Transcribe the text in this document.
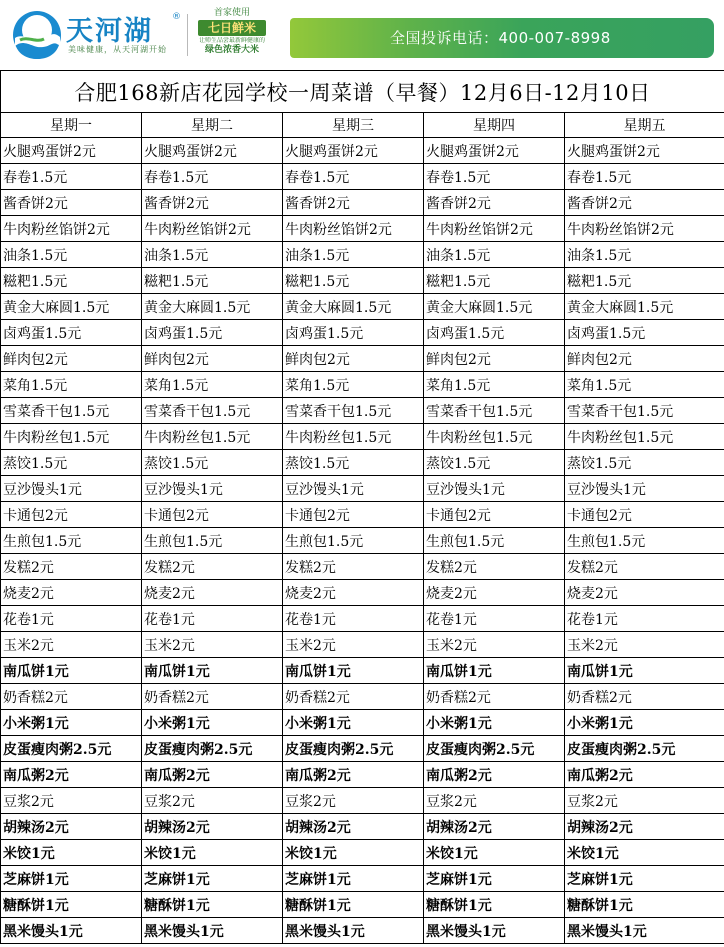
天河湖 ®
美味健康，从天河湖开始
首家使用
七日鲜米
让师生品尝最新鲜健康的
绿色浓香大米
全国投诉电话：400-007-8998
合肥168新店花园学校一周菜谱（早餐）12月6日-12月10日				
星期一	星期二	星期三	星期四	星期五
火腿鸡蛋饼2元	火腿鸡蛋饼2元	火腿鸡蛋饼2元	火腿鸡蛋饼2元	火腿鸡蛋饼2元
春卷1.5元	春卷1.5元	春卷1.5元	春卷1.5元	春卷1.5元
酱香饼2元	酱香饼2元	酱香饼2元	酱香饼2元	酱香饼2元
牛肉粉丝馅饼2元	牛肉粉丝馅饼2元	牛肉粉丝馅饼2元	牛肉粉丝馅饼2元	牛肉粉丝馅饼2元
油条1.5元	油条1.5元	油条1.5元	油条1.5元	油条1.5元
糍粑1.5元	糍粑1.5元	糍粑1.5元	糍粑1.5元	糍粑1.5元
黄金大麻圆1.5元	黄金大麻圆1.5元	黄金大麻圆1.5元	黄金大麻圆1.5元	黄金大麻圆1.5元
卤鸡蛋1.5元	卤鸡蛋1.5元	卤鸡蛋1.5元	卤鸡蛋1.5元	卤鸡蛋1.5元
鲜肉包2元	鲜肉包2元	鲜肉包2元	鲜肉包2元	鲜肉包2元
菜角1.5元	菜角1.5元	菜角1.5元	菜角1.5元	菜角1.5元
雪菜香干包1.5元	雪菜香干包1.5元	雪菜香干包1.5元	雪菜香干包1.5元	雪菜香干包1.5元
牛肉粉丝包1.5元	牛肉粉丝包1.5元	牛肉粉丝包1.5元	牛肉粉丝包1.5元	牛肉粉丝包1.5元
蒸饺1.5元	蒸饺1.5元	蒸饺1.5元	蒸饺1.5元	蒸饺1.5元
豆沙馒头1元	豆沙馒头1元	豆沙馒头1元	豆沙馒头1元	豆沙馒头1元
卡通包2元	卡通包2元	卡通包2元	卡通包2元	卡通包2元
生煎包1.5元	生煎包1.5元	生煎包1.5元	生煎包1.5元	生煎包1.5元
发糕2元	发糕2元	发糕2元	发糕2元	发糕2元
烧麦2元	烧麦2元	烧麦2元	烧麦2元	烧麦2元
花卷1元	花卷1元	花卷1元	花卷1元	花卷1元
玉米2元	玉米2元	玉米2元	玉米2元	玉米2元
南瓜饼1元	南瓜饼1元	南瓜饼1元	南瓜饼1元	南瓜饼1元
奶香糕2元	奶香糕2元	奶香糕2元	奶香糕2元	奶香糕2元
小米粥1元	小米粥1元	小米粥1元	小米粥1元	小米粥1元
皮蛋瘦肉粥2.5元	皮蛋瘦肉粥2.5元	皮蛋瘦肉粥2.5元	皮蛋瘦肉粥2.5元	皮蛋瘦肉粥2.5元
南瓜粥2元	南瓜粥2元	南瓜粥2元	南瓜粥2元	南瓜粥2元
豆浆2元	豆浆2元	豆浆2元	豆浆2元	豆浆2元
胡辣汤2元	胡辣汤2元	胡辣汤2元	胡辣汤2元	胡辣汤2元
米饺1元	米饺1元	米饺1元	米饺1元	米饺1元
芝麻饼1元	芝麻饼1元	芝麻饼1元	芝麻饼1元	芝麻饼1元
糖酥饼1元	糖酥饼1元	糖酥饼1元	糖酥饼1元	糖酥饼1元
黑米馒头1元	黑米馒头1元	黑米馒头1元	黑米馒头1元	黑米馒头1元
